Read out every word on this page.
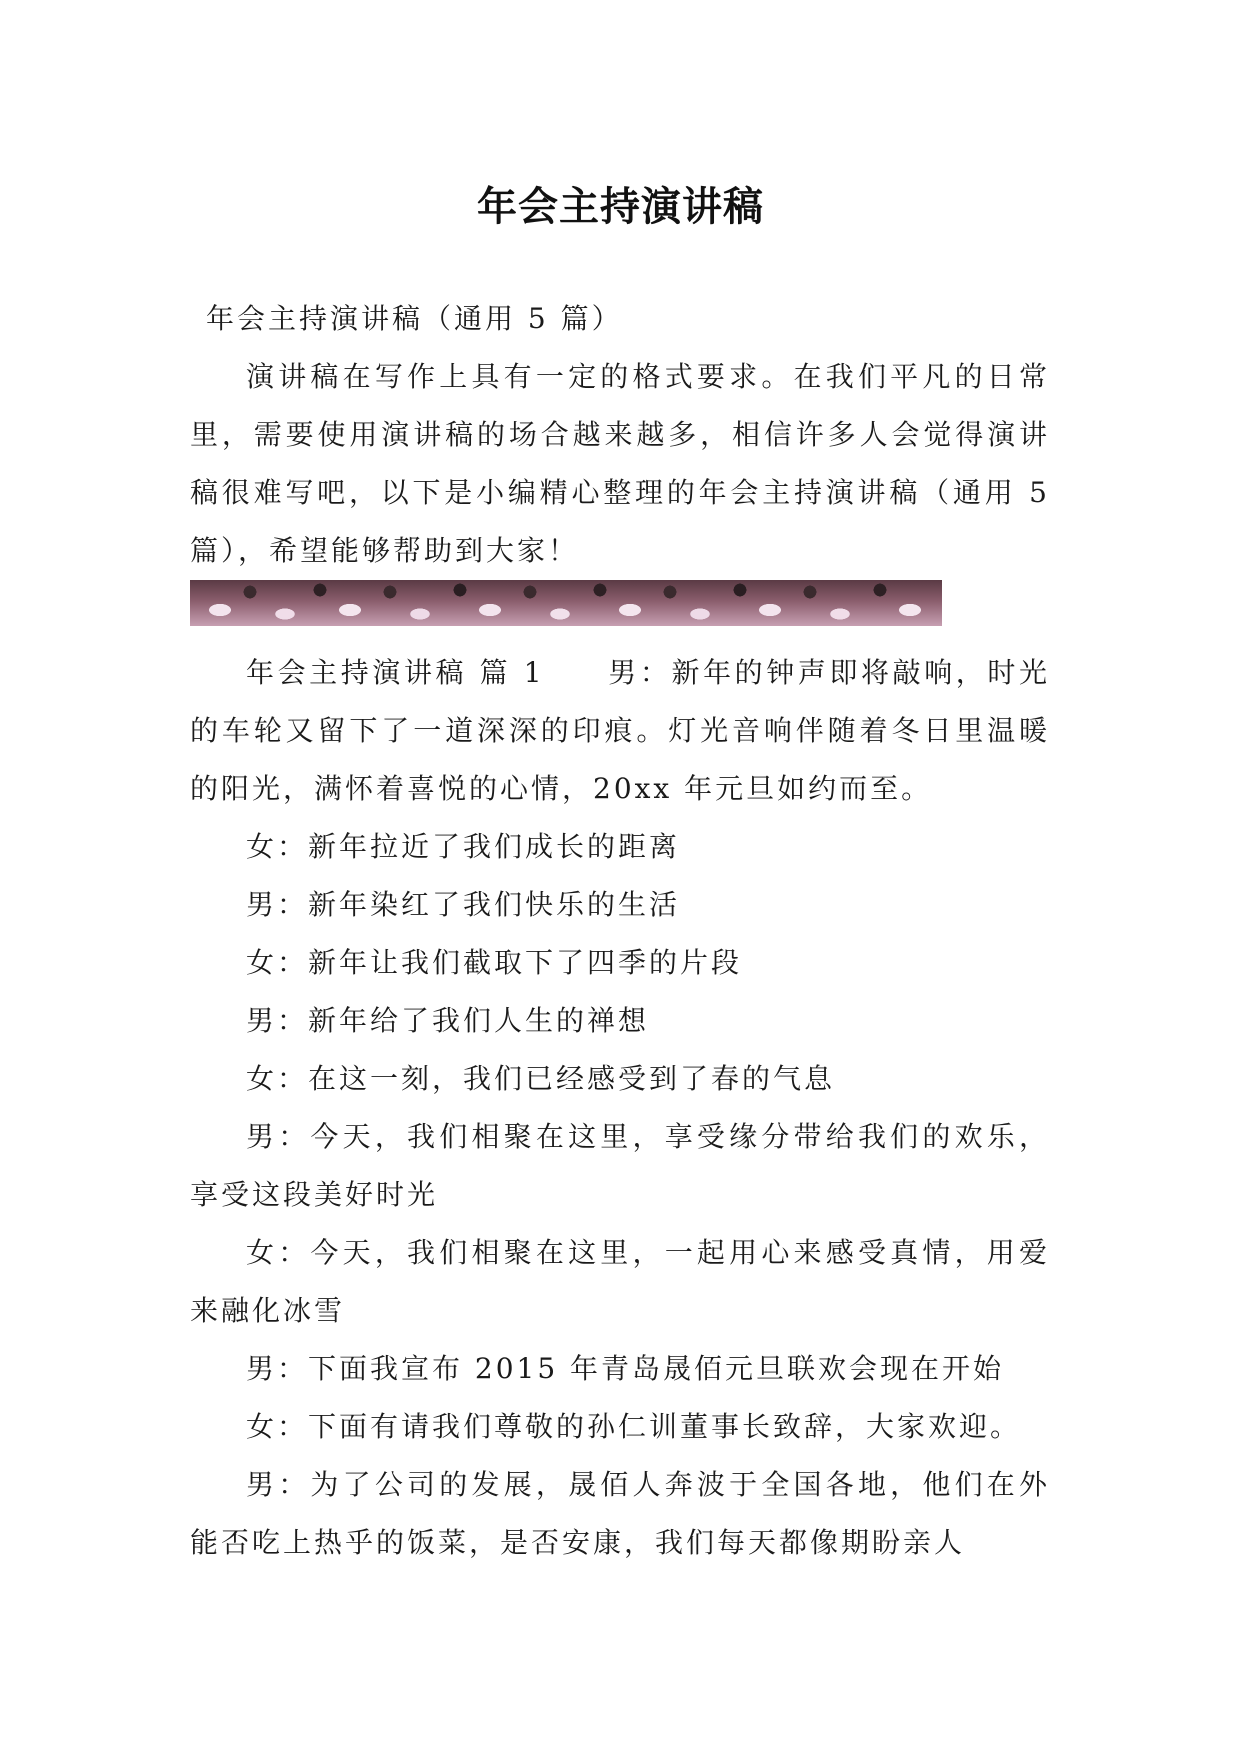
年会主持演讲稿

年会主持演讲稿（通用 5 篇）

演讲稿在写作上具有一定的格式要求。在我们平凡的日常里，需要使用演讲稿的场合越来越多，相信许多人会觉得演讲稿很难写吧，以下是小编精心整理的年会主持演讲稿（通用 5 篇），希望能够帮助到大家！

年会主持演讲稿 篇 1　　男：新年的钟声即将敲响，时光的车轮又留下了一道深深的印痕。灯光音响伴随着冬日里温暖的阳光，满怀着喜悦的心情，20xx 年元旦如约而至。

女：新年拉近了我们成长的距离

男：新年染红了我们快乐的生活

女：新年让我们截取下了四季的片段

男：新年给了我们人生的禅想

女：在这一刻，我们已经感受到了春的气息

男：今天，我们相聚在这里，享受缘分带给我们的欢乐，享受这段美好时光

女：今天，我们相聚在这里，一起用心来感受真情，用爱来融化冰雪

男：下面我宣布 2015 年青岛晟佰元旦联欢会现在开始

女：下面有请我们尊敬的孙仁训董事长致辞，大家欢迎。

男：为了公司的发展，晟佰人奔波于全国各地，他们在外能否吃上热乎的饭菜，是否安康，我们每天都像期盼亲人
